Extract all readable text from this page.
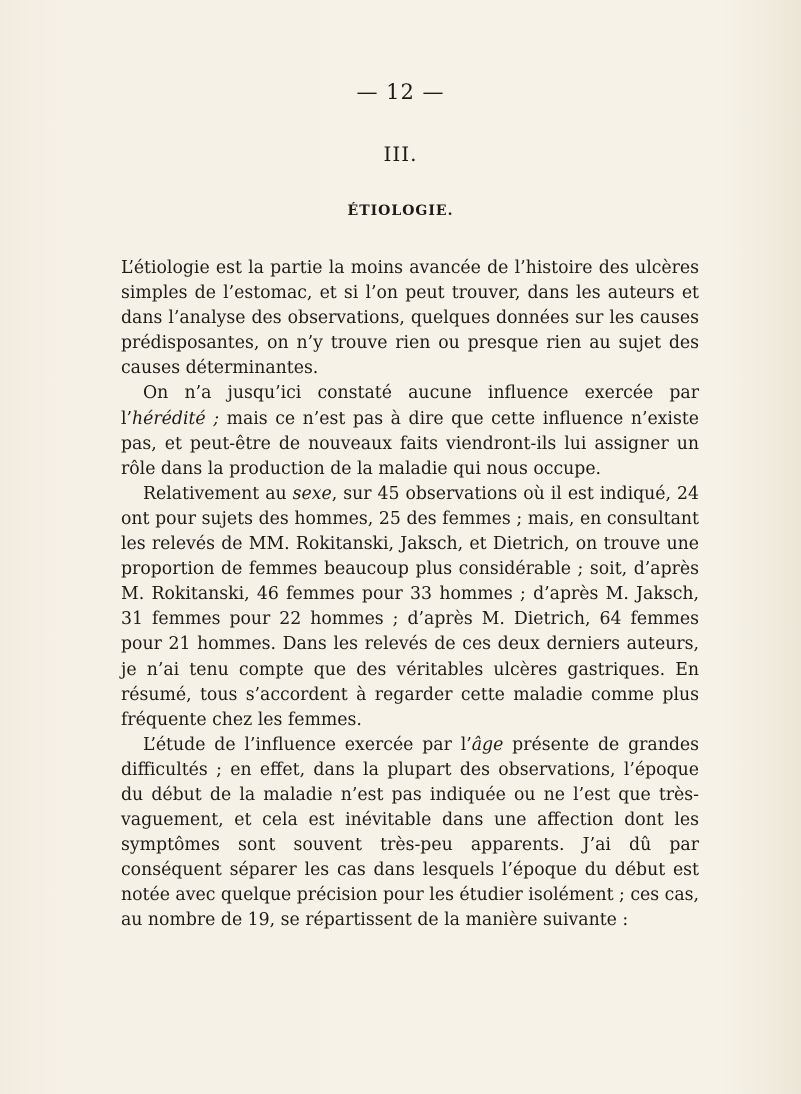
— 12 —
III.
ÉTIOLOGIE.

L’étiologie est la partie la moins avancée de l’histoire des ulcères simples de l’estomac, et si l’on peut trouver, dans les auteurs et dans l’analyse des observations, quelques données sur les causes prédisposantes, on n’y trouve rien ou presque rien au sujet des causes déterminantes.

On n’a jusqu’ici constaté aucune influence exercée par l’hérédité ; mais ce n’est pas à dire que cette influence n’existe pas, et peut-être de nouveaux faits viendront-ils lui assigner un rôle dans la production de la maladie qui nous occupe.

Relativement au sexe, sur 45 observations où il est indiqué, 24 ont pour sujets des hommes, 25 des femmes ; mais, en consultant les relevés de MM. Rokitanski, Jaksch, et Dietrich, on trouve une proportion de femmes beaucoup plus considérable ; soit, d’après M. Rokitanski, 46 femmes pour 33 hommes ; d’après M. Jaksch, 31 femmes pour 22 hommes ; d’après M. Dietrich, 64 femmes pour 21 hommes. Dans les relevés de ces deux derniers auteurs, je n’ai tenu compte que des véritables ulcères gastriques. En résumé, tous s’accordent à regarder cette maladie comme plus fréquente chez les femmes.

L’étude de l’influence exercée par l’âge présente de grandes difficultés ; en effet, dans la plupart des observations, l’époque du début de la maladie n’est pas indiquée ou ne l’est que très-vaguement, et cela est inévitable dans une affection dont les symptômes sont souvent très-peu apparents. J’ai dû par conséquent séparer les cas dans lesquels l’époque du début est notée avec quelque précision pour les étudier isolément ; ces cas, au nombre de 19, se répartissent de la manière suivante :
